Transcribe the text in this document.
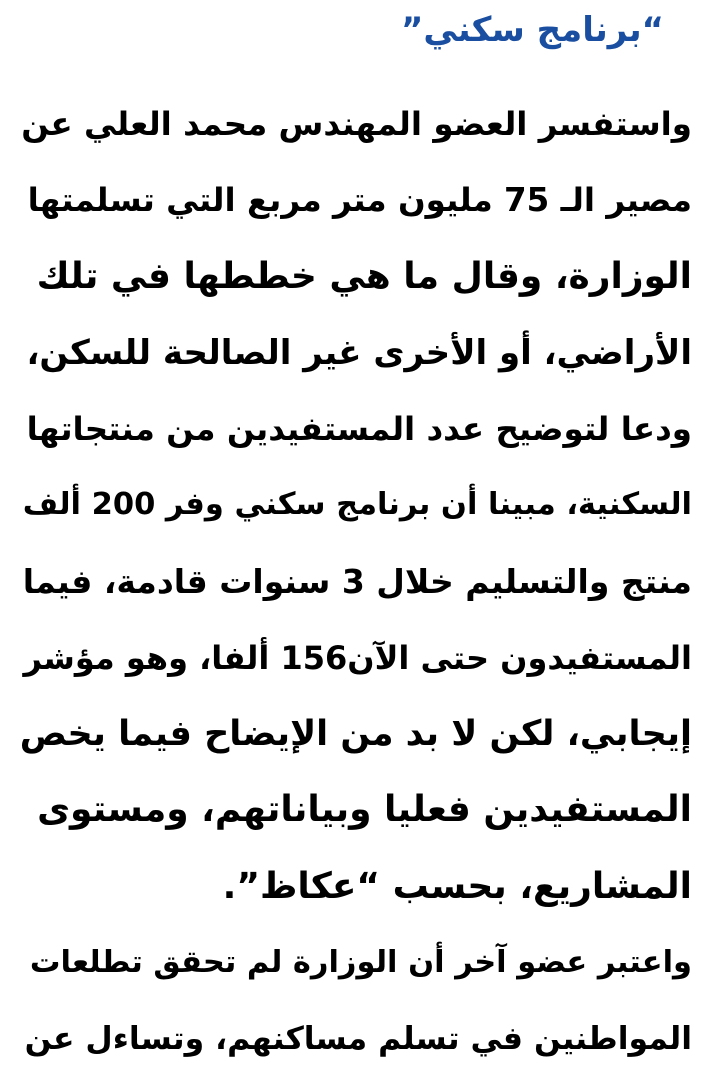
“برنامج سكني”
واستفسر العضو المهندس محمد العلي عن
مصير الـ 75 مليون متر مربع التي تسلمتها
الوزارة، وقال ما هي خططها في تلك
الأراضي، أو الأخرى غير الصالحة للسكن،
ودعا لتوضيح عدد المستفيدين من منتجاتها
السكنية، مبينا أن برنامج سكني وفر 200 ألف
منتج والتسليم خلال 3 سنوات قادمة، فيما
المستفيدون حتى الآن156 ألفا، وهو مؤشر
إيجابي، لكن لا بد من الإيضاح فيما يخص
المستفيدين فعليا وبياناتهم، ومستوى
المشاريع، بحسب “عكاظ”.
واعتبر عضو آخر أن الوزارة لم تحقق تطلعات
المواطنين في تسلم مساكنهم، وتساءل عن
